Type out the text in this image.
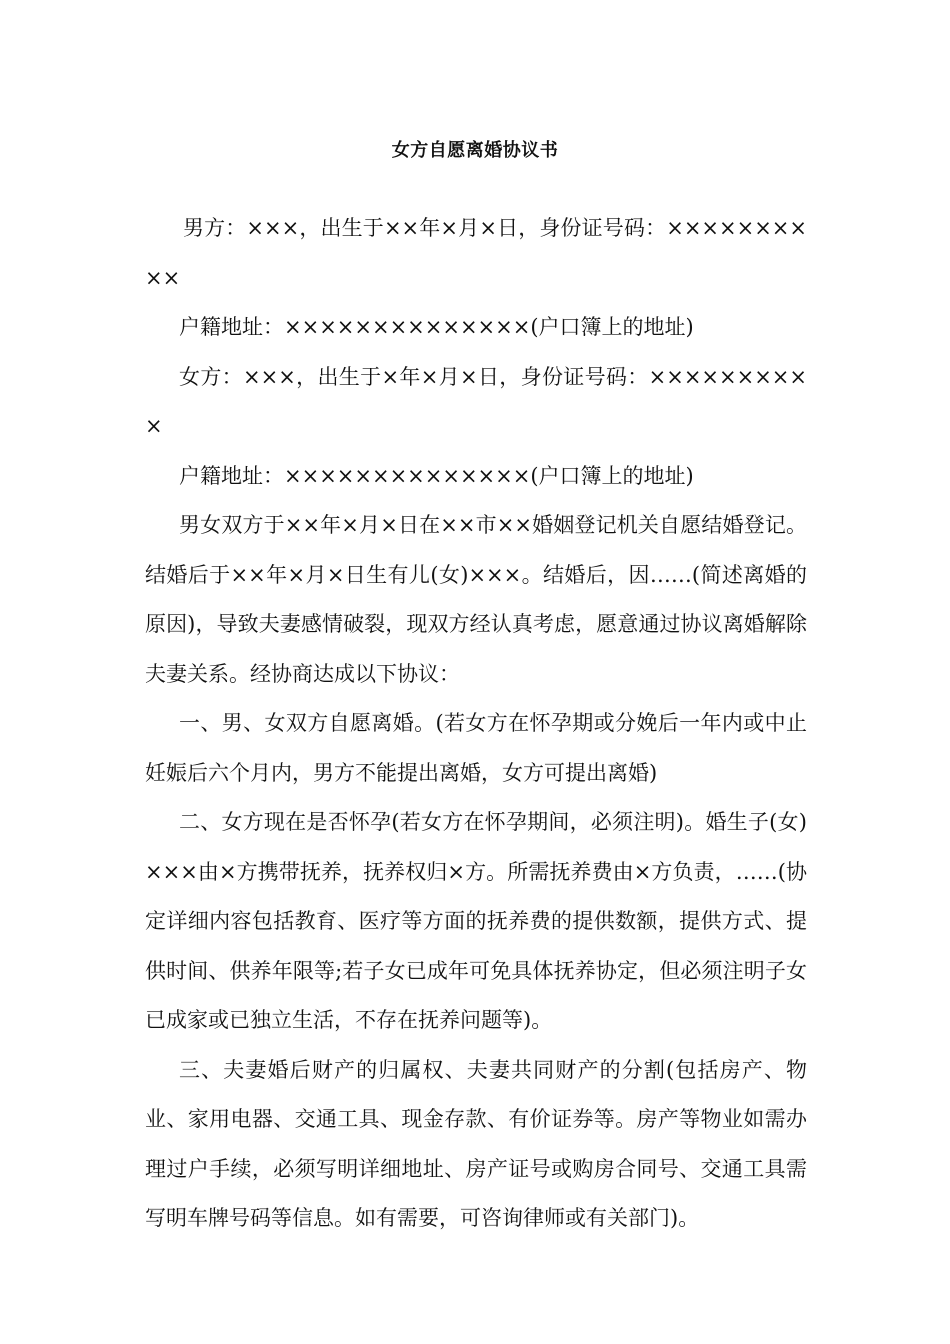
女方自愿离婚协议书

男方：×××，出生于××年×月×日，身份证号码：××××××××××

户籍地址：××××××××××××××(户口簿上的地址)

女方：×××，出生于×年×月×日，身份证号码：××××××××××

户籍地址：××××××××××××××(户口簿上的地址)

男女双方于××年×月×日在××市××婚姻登记机关自愿结婚登记。结婚后于××年×月×日生有儿(女)×××。结婚后，因……(简述离婚的原因)，导致夫妻感情破裂，现双方经认真考虑，愿意通过协议离婚解除夫妻关系。经协商达成以下协议：

一、男、女双方自愿离婚。(若女方在怀孕期或分娩后一年内或中止妊娠后六个月内，男方不能提出离婚，女方可提出离婚)

二、女方现在是否怀孕(若女方在怀孕期间，必须注明)。婚生子(女)×××由×方携带抚养，抚养权归×方。所需抚养费由×方负责，……(协定详细内容包括教育、医疗等方面的抚养费的提供数额，提供方式、提供时间、供养年限等;若子女已成年可免具体抚养协定，但必须注明子女已成家或已独立生活，不存在抚养问题等)。

三、夫妻婚后财产的归属权、夫妻共同财产的分割(包括房产、物业、家用电器、交通工具、现金存款、有价证券等。房产等物业如需办理过户手续，必须写明详细地址、房产证号或购房合同号、交通工具需写明车牌号码等信息。如有需要，可咨询律师或有关部门)。
